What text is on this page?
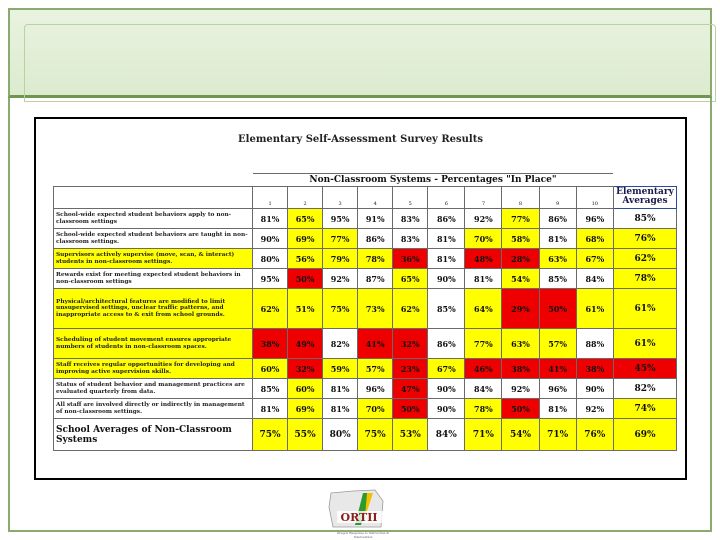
Elementary Self-Assessment Survey Results
	Non-Classroom Systems - Percentages "In Place"										
	1	2	3	4	5	6	7	8	9	10	Elementary
Averages

School-wide expected student behaviors apply to non-classroom settings	81%	65%	95%	91%	83%	86%	92%	77%	86%	96%	85%
School-wide expected student behaviors are taught in non-classroom settings.	90%	69%	77%	86%	83%	81%	70%	58%	81%	68%	76%
Supervisors actively supervise (move, scan, & interact) students in non-classroom settings.	80%	56%	79%	78%	36%	81%	48%	28%	63%	67%	62%
Rewards exist for meeting expected student behaviors in non-classroom settings	95%	50%	92%	87%	65%	90%	81%	54%	85%	84%	78%
Physical/architectural features are modified to limit unsupervised settings, unclear traffic patterns, and inappropriate access to & exit from school grounds.	62%	51%	75%	73%	62%	85%	64%	29%	50%	61%	61%
Scheduling of student movement ensures appropriate numbers of students in non-classroom spaces.	38%	49%	82%	41%	32%	86%	77%	63%	57%	88%	61%
Staff receives regular opportunities for developing and improving active supervision skills.	60%	32%	59%	57%	23%	67%	46%	38%	41%	38%	45%
Status of student behavior and management practices are evaluated quarterly from data.	85%	60%	81%	96%	47%	90%	84%	92%	96%	90%	82%
All staff are involved directly or indirectly in management of non-classroom settings.	81%	69%	81%	70%	50%	90%	78%	50%	81%	92%	74%
School Averages of Non-Classroom Systems	75%	55%	80%	75%	53%	84%	71%	54%	71%	76%	69%
ORTII
Oregon Response to Instruction & Intervention
